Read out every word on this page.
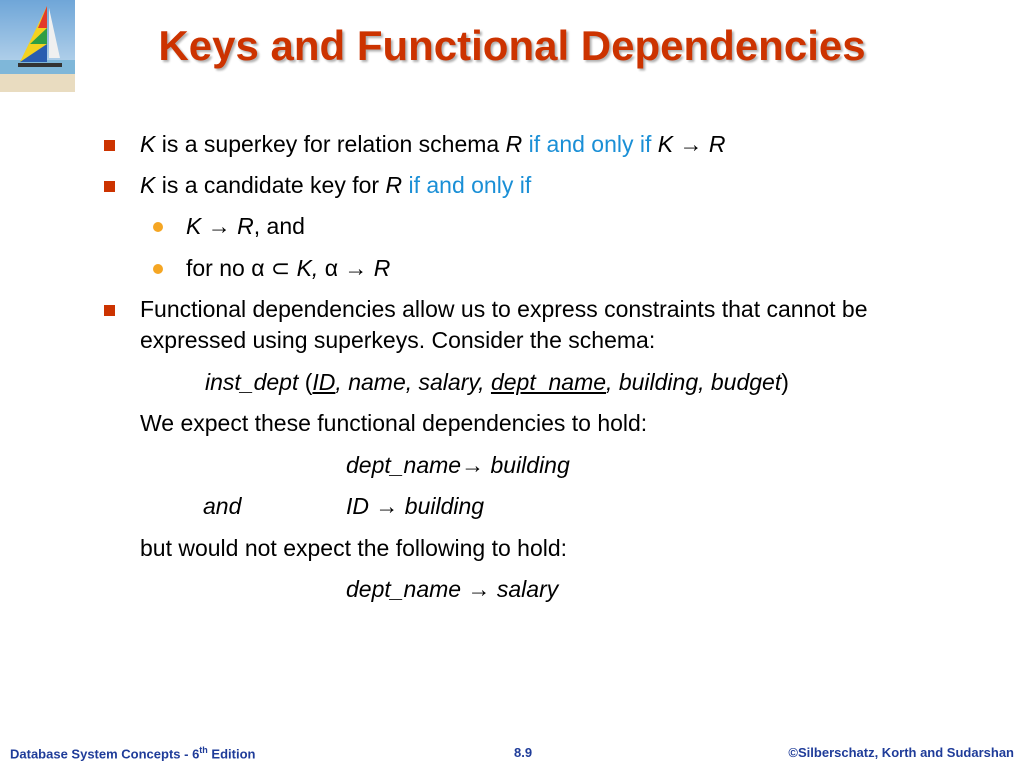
Keys and Functional Dependencies
K is a superkey for relation schema R if and only if K → R
K is a candidate key for R if and only if
K → R, and
for no α ⊂ K, α → R
Functional dependencies allow us to express constraints that cannot be
expressed using superkeys. Consider the schema:
inst_dept (ID, name, salary, dept_name, building, budget)
We expect these functional dependencies to hold:
dept_name→ building
and	ID → building
but would not expect the following to hold:
dept_name → salary
Database System Concepts - 6th Edition	8.9	©Silberschatz, Korth and Sudarshan
